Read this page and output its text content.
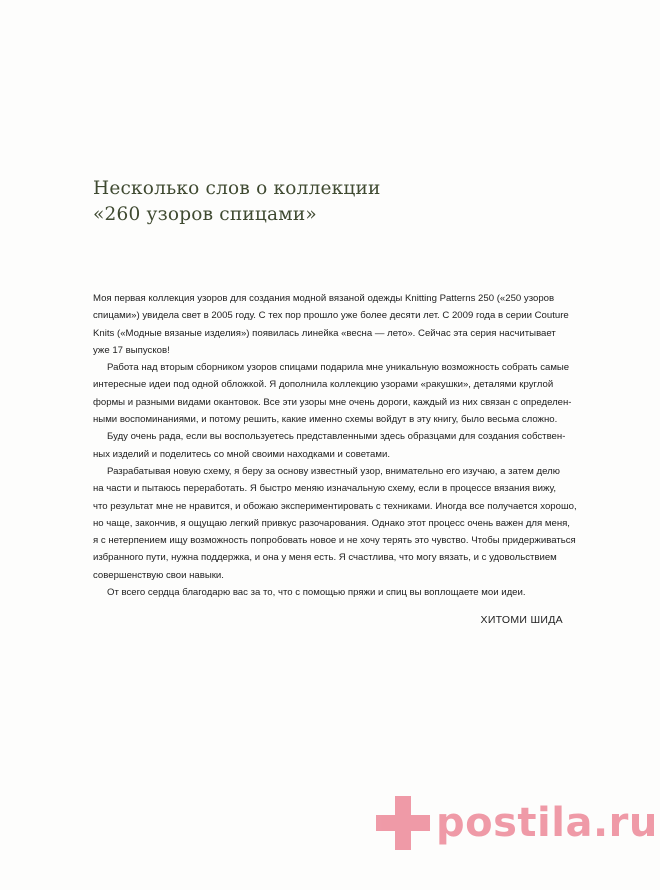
Несколько слов о коллекции
«260 узоров спицами»

Моя первая коллекция узоров для создания модной вязаной одежды Knitting Patterns 250 («250 узоров
спицами») увидела свет в 2005 году. С тех пор прошло уже более десяти лет. С 2009 года в серии Couture
Knits («Модные вязаные изделия») появилась линейка «весна — лето». Сейчас эта серия насчитывает
уже 17 выпусков!

Работа над вторым сборником узоров спицами подарила мне уникальную возможность собрать самые
интересные идеи под одной обложкой. Я дополнила коллекцию узорами «ракушки», деталями круглой
формы и разными видами окантовок. Все эти узоры мне очень дороги, каждый из них связан с определен-
ными воспоминаниями, и потому решить, какие именно схемы войдут в эту книгу, было весьма сложно.

Буду очень рада, если вы воспользуетесь представленными здесь образцами для создания собствен-
ных изделий и поделитесь со мной своими находками и советами.

Разрабатывая новую схему, я беру за основу известный узор, внимательно его изучаю, а затем делю
на части и пытаюсь переработать. Я быстро меняю изначальную схему, если в процессе вязания вижу,
что результат мне не нравится, и обожаю экспериментировать с техниками. Иногда все получается хорошо,
но чаще, закончив, я ощущаю легкий привкус разочарования. Однако этот процесс очень важен для меня,
я с нетерпением ищу возможность попробовать новое и не хочу терять это чувство. Чтобы придерживаться
избранного пути, нужна поддержка, и она у меня есть. Я счастлива, что могу вязать, и с удовольствием
совершенствую свои навыки.

От всего сердца благодарю вас за то, что с помощью пряжи и спиц вы воплощаете мои идеи.

ХИТОМИ ШИДА
postila.ru
